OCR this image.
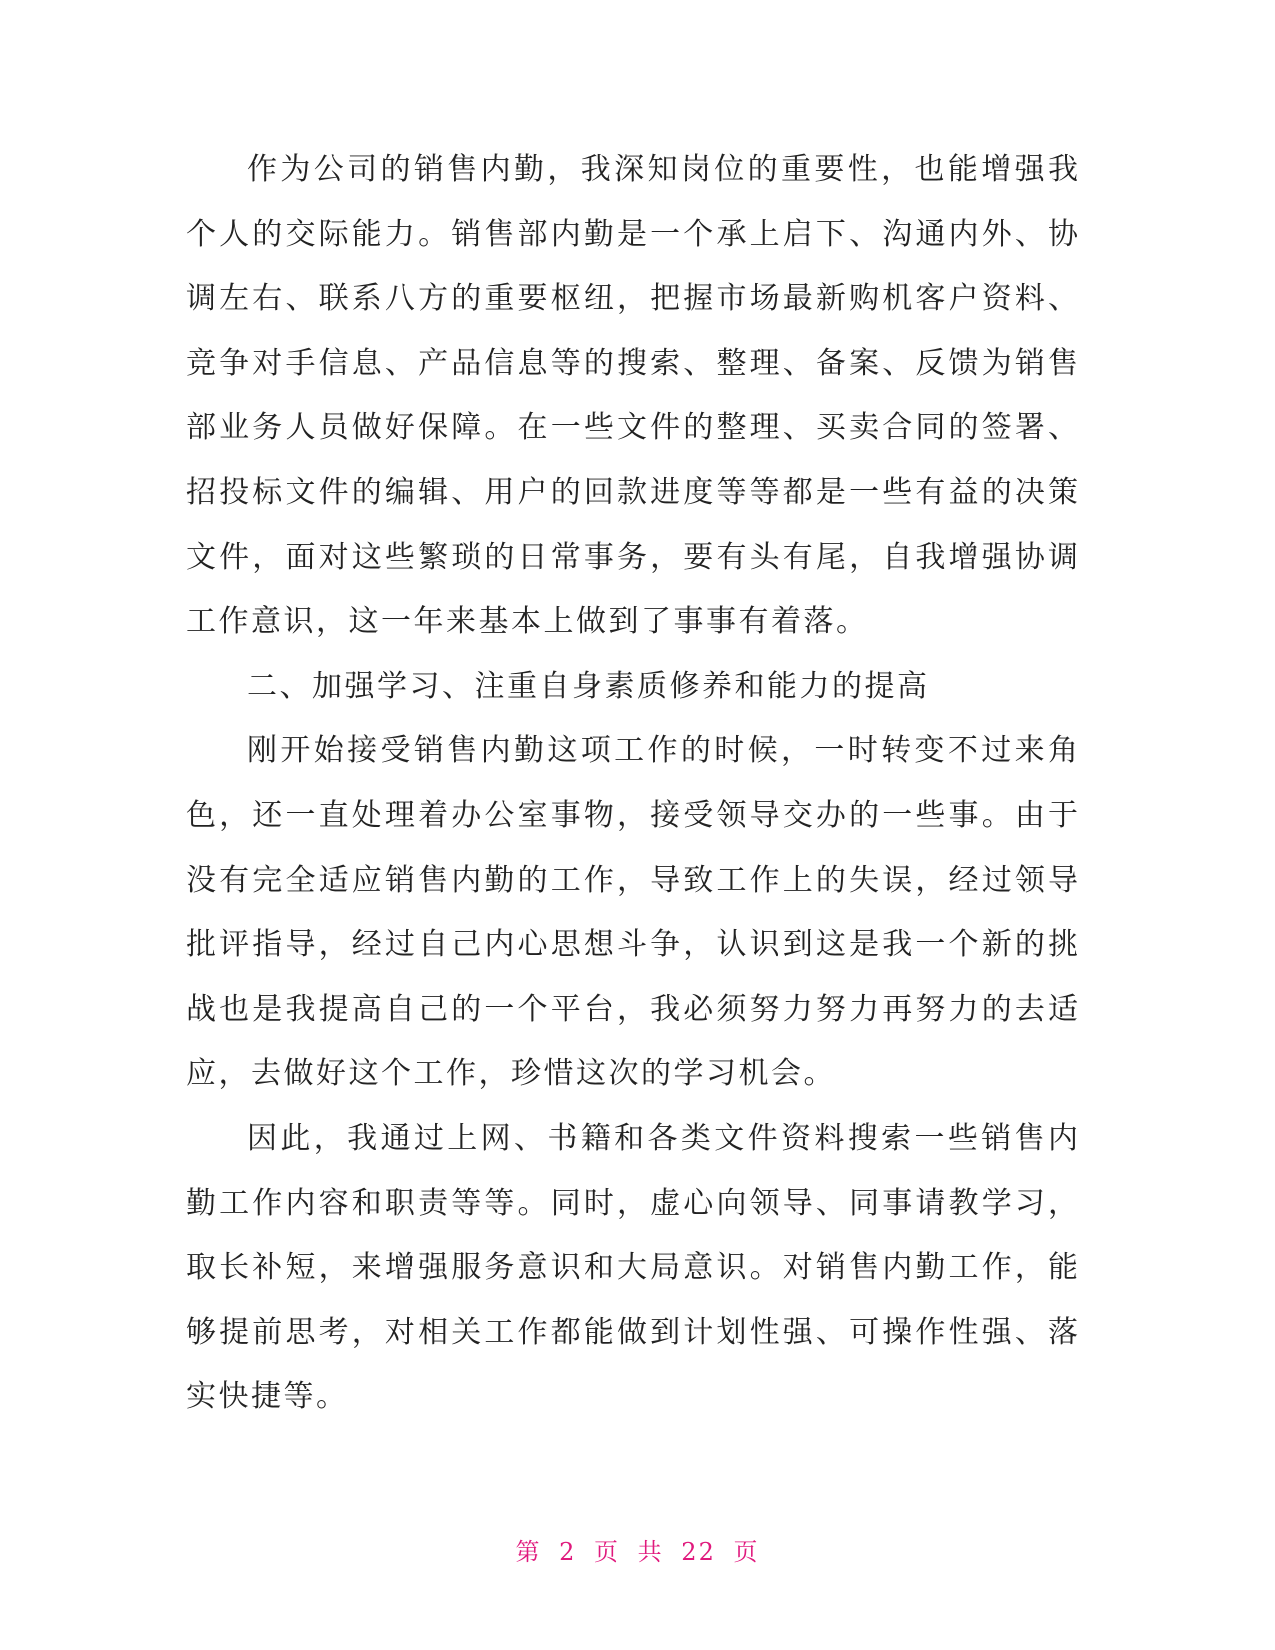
作为公司的销售内勤，我深知岗位的重要性，也能增强我
个人的交际能力。销售部内勤是一个承上启下、沟通内外、协
调左右、联系八方的重要枢纽，把握市场最新购机客户资料、
竞争对手信息、产品信息等的搜索、整理、备案、反馈为销售
部业务人员做好保障。在一些文件的整理、买卖合同的签署、
招投标文件的编辑、用户的回款进度等等都是一些有益的决策
文件，面对这些繁琐的日常事务，要有头有尾，自我增强协调
工作意识，这一年来基本上做到了事事有着落。
二、加强学习、注重自身素质修养和能力的提高
刚开始接受销售内勤这项工作的时候，一时转变不过来角
色，还一直处理着办公室事物，接受领导交办的一些事。由于
没有完全适应销售内勤的工作，导致工作上的失误，经过领导
批评指导，经过自己内心思想斗争，认识到这是我一个新的挑
战也是我提高自己的一个平台，我必须努力努力再努力的去适
应，去做好这个工作，珍惜这次的学习机会。
因此，我通过上网、书籍和各类文件资料搜索一些销售内
勤工作内容和职责等等。同时，虚心向领导、同事请教学习，
取长补短，来增强服务意识和大局意识。对销售内勤工作，能
够提前思考，对相关工作都能做到计划性强、可操作性强、落
实快捷等。
第 2 页 共 22 页
